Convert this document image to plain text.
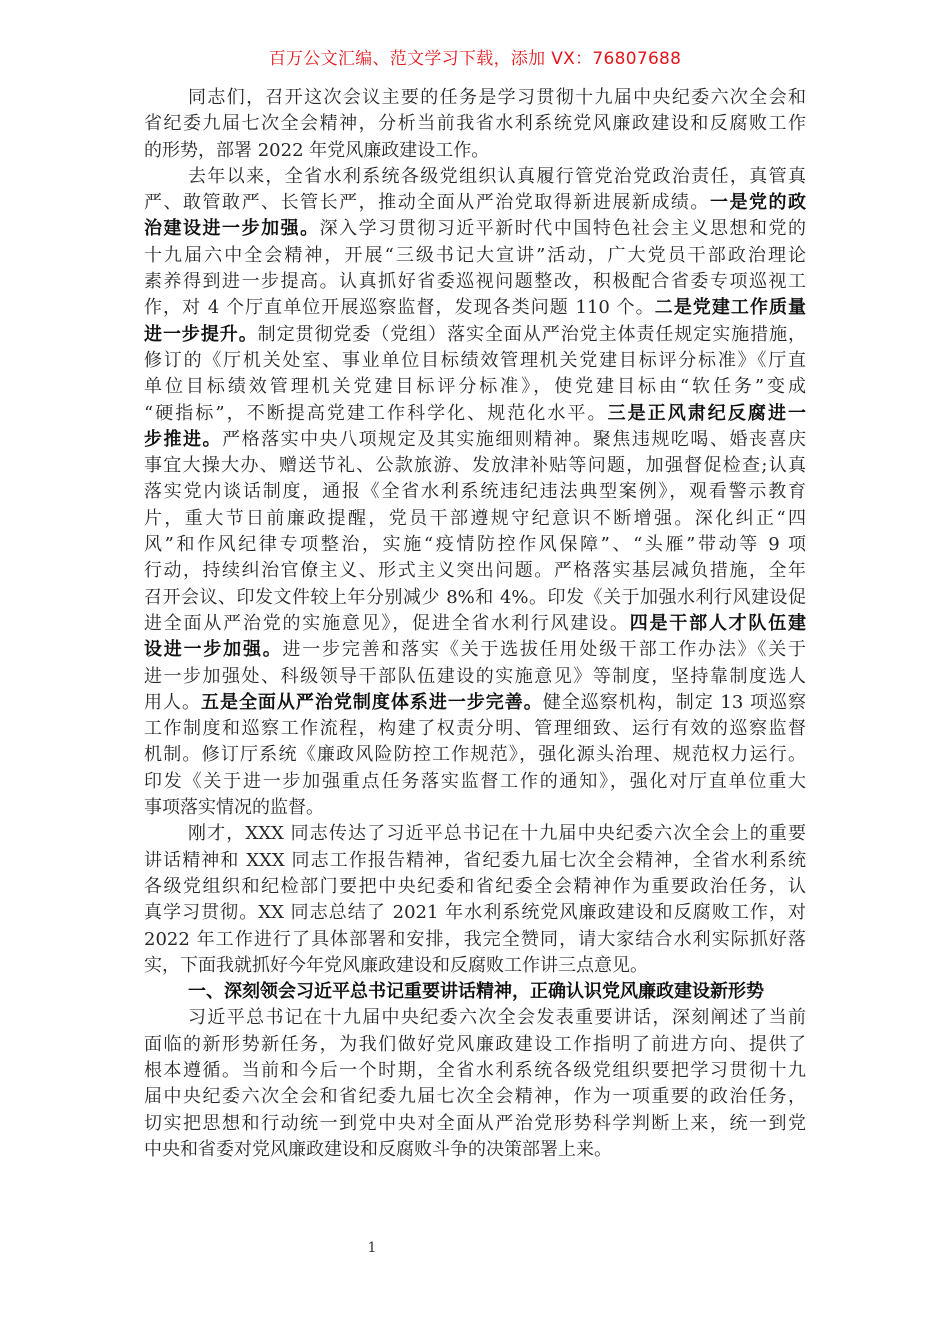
百万公文汇编、范文学习下载，添加 VX：76807688
同志们，召开这次会议主要的任务是学习贯彻十九届中央纪委六次全会和
省纪委九届七次全会精神，分析当前我省水利系统党风廉政建设和反腐败工作
的形势，部署 2022 年党风廉政建设工作。
去年以来，全省水利系统各级党组织认真履行管党治党政治责任，真管真
严、敢管敢严、长管长严，推动全面从严治党取得新进展新成绩。一是党的政
治建设进一步加强。深入学习贯彻习近平新时代中国特色社会主义思想和党的
十九届六中全会精神，开展“三级书记大宣讲”活动，广大党员干部政治理论
素养得到进一步提高。认真抓好省委巡视问题整改，积极配合省委专项巡视工
作，对 4 个厅直单位开展巡察监督，发现各类问题 110 个。二是党建工作质量
进一步提升。制定贯彻党委（党组）落实全面从严治党主体责任规定实施措施，
修订的《厅机关处室、事业单位目标绩效管理机关党建目标评分标准》《厅直
单位目标绩效管理机关党建目标评分标准》，使党建目标由“软任务”变成
“硬指标”，不断提高党建工作科学化、规范化水平。三是正风肃纪反腐进一
步推进。严格落实中央八项规定及其实施细则精神。聚焦违规吃喝、婚丧喜庆
事宜大操大办、赠送节礼、公款旅游、发放津补贴等问题，加强督促检查;认真
落实党内谈话制度，通报《全省水利系统违纪违法典型案例》，观看警示教育
片，重大节日前廉政提醒，党员干部遵规守纪意识不断增强。深化纠正“四
风”和作风纪律专项整治，实施“疫情防控作风保障”、“头雁”带动等 9 项
行动，持续纠治官僚主义、形式主义突出问题。严格落实基层减负措施，全年
召开会议、印发文件较上年分别减少 8%和 4%。印发《关于加强水利行风建设促
进全面从严治党的实施意见》，促进全省水利行风建设。四是干部人才队伍建
设进一步加强。进一步完善和落实《关于选拔任用处级干部工作办法》《关于
进一步加强处、科级领导干部队伍建设的实施意见》等制度，坚持靠制度选人
用人。五是全面从严治党制度体系进一步完善。健全巡察机构，制定 13 项巡察
工作制度和巡察工作流程，构建了权责分明、管理细致、运行有效的巡察监督
机制。修订厅系统《廉政风险防控工作规范》，强化源头治理、规范权力运行。
印发《关于进一步加强重点任务落实监督工作的通知》，强化对厅直单位重大
事项落实情况的监督。
刚才，XXX 同志传达了习近平总书记在十九届中央纪委六次全会上的重要
讲话精神和 XXX 同志工作报告精神，省纪委九届七次全会精神，全省水利系统
各级党组织和纪检部门要把中央纪委和省纪委全会精神作为重要政治任务，认
真学习贯彻。XX 同志总结了 2021 年水利系统党风廉政建设和反腐败工作，对
2022 年工作进行了具体部署和安排，我完全赞同，请大家结合水利实际抓好落
实，下面我就抓好今年党风廉政建设和反腐败工作讲三点意见。
一、深刻领会习近平总书记重要讲话精神，正确认识党风廉政建设新形势
习近平总书记在十九届中央纪委六次全会发表重要讲话，深刻阐述了当前
面临的新形势新任务，为我们做好党风廉政建设工作指明了前进方向、提供了
根本遵循。当前和今后一个时期，全省水利系统各级党组织要把学习贯彻十九
届中央纪委六次全会和省纪委九届七次全会精神，作为一项重要的政治任务，
切实把思想和行动统一到党中央对全面从严治党形势科学判断上来，统一到党
中央和省委对党风廉政建设和反腐败斗争的决策部署上来。
1
